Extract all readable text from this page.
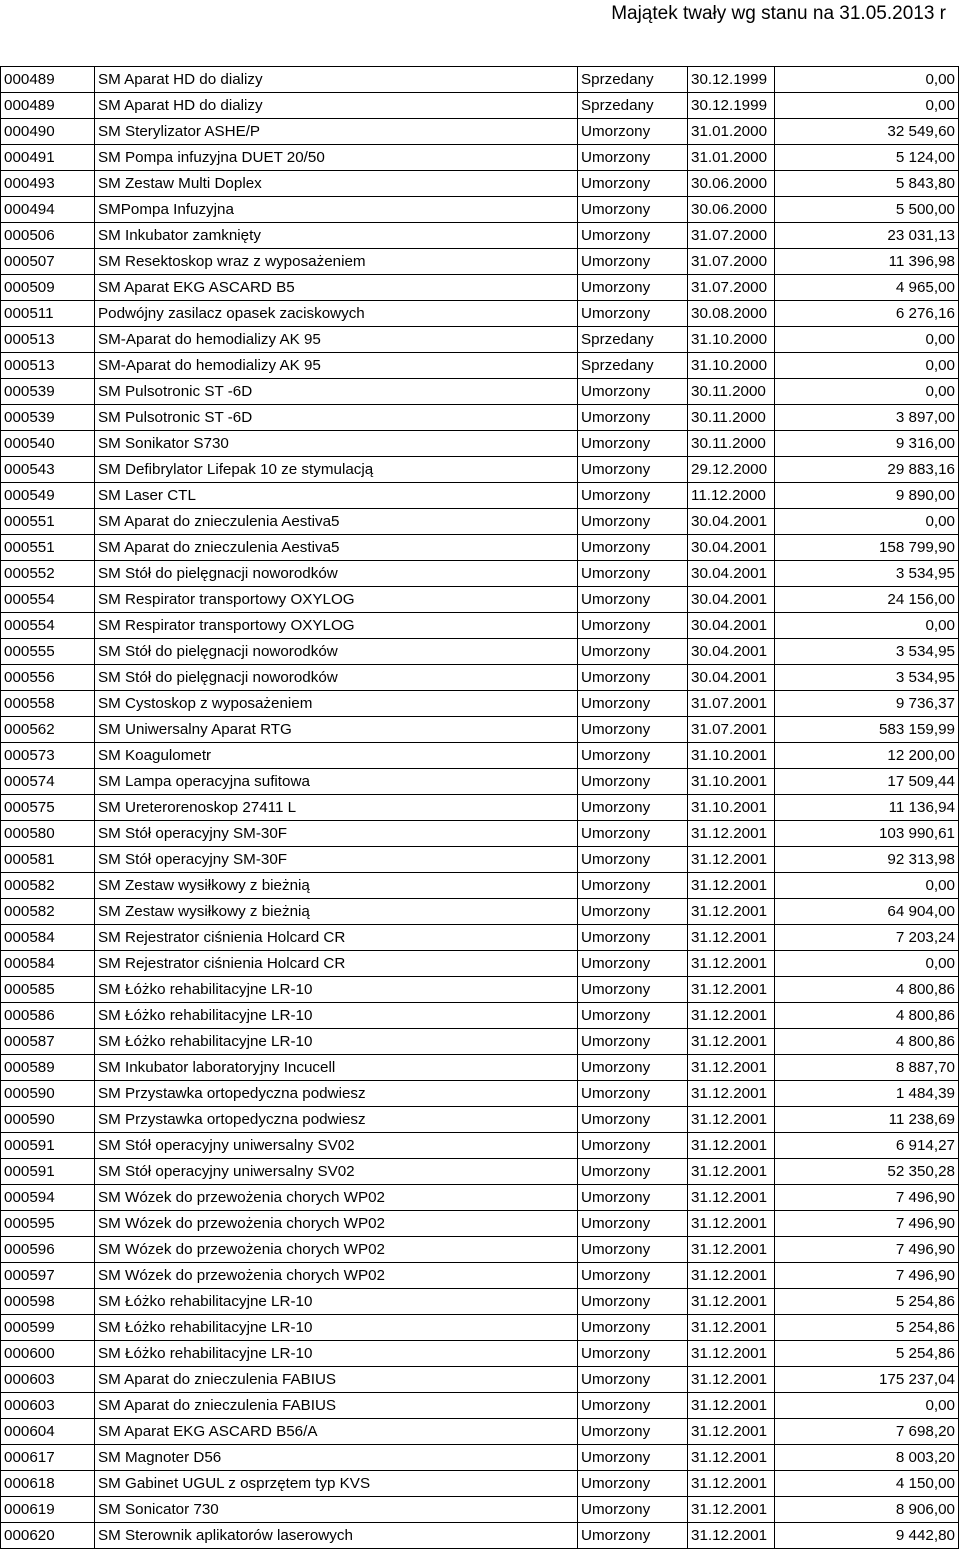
Majątek twały wg stanu na 31.05.2013 r
000489	SM Aparat HD do dializy	Sprzedany	30.12.1999	0,00
000489	SM Aparat HD do dializy	Sprzedany	30.12.1999	0,00
000490	SM Sterylizator ASHE/P	Umorzony	31.01.2000	32 549,60
000491	SM Pompa infuzyjna DUET 20/50	Umorzony	31.01.2000	5 124,00
000493	SM Zestaw Multi Doplex	Umorzony	30.06.2000	5 843,80
000494	SMPompa Infuzyjna	Umorzony	30.06.2000	5 500,00
000506	SM Inkubator zamknięty	Umorzony	31.07.2000	23 031,13
000507	SM Resektoskop wraz z wyposażeniem	Umorzony	31.07.2000	11 396,98
000509	SM Aparat EKG ASCARD B5	Umorzony	31.07.2000	4 965,00
000511	Podwójny zasilacz opasek zaciskowych	Umorzony	30.08.2000	6 276,16
000513	SM-Aparat do hemodializy AK 95	Sprzedany	31.10.2000	0,00
000513	SM-Aparat do hemodializy AK 95	Sprzedany	31.10.2000	0,00
000539	SM Pulsotronic ST -6D	Umorzony	30.11.2000	0,00
000539	SM Pulsotronic ST -6D	Umorzony	30.11.2000	3 897,00
000540	SM Sonikator S730	Umorzony	30.11.2000	9 316,00
000543	SM Defibrylator Lifepak 10 ze stymulacją	Umorzony	29.12.2000	29 883,16
000549	SM Laser CTL	Umorzony	11.12.2000	9 890,00
000551	SM Aparat do znieczulenia Aestiva5	Umorzony	30.04.2001	0,00
000551	SM Aparat do znieczulenia Aestiva5	Umorzony	30.04.2001	158 799,90
000552	SM Stół do pielęgnacji noworodków	Umorzony	30.04.2001	3 534,95
000554	SM Respirator transportowy OXYLOG	Umorzony	30.04.2001	24 156,00
000554	SM Respirator transportowy OXYLOG	Umorzony	30.04.2001	0,00
000555	SM Stół do pielęgnacji noworodków	Umorzony	30.04.2001	3 534,95
000556	SM Stół do pielęgnacji noworodków	Umorzony	30.04.2001	3 534,95
000558	SM Cystoskop z wyposażeniem	Umorzony	31.07.2001	9 736,37
000562	SM Uniwersalny Aparat RTG	Umorzony	31.07.2001	583 159,99
000573	SM Koagulometr	Umorzony	31.10.2001	12 200,00
000574	SM Lampa operacyjna sufitowa	Umorzony	31.10.2001	17 509,44
000575	SM Ureterorenoskop 27411 L	Umorzony	31.10.2001	11 136,94
000580	SM Stół operacyjny SM-30F	Umorzony	31.12.2001	103 990,61
000581	SM Stół operacyjny SM-30F	Umorzony	31.12.2001	92 313,98
000582	SM Zestaw wysiłkowy z bieżnią	Umorzony	31.12.2001	0,00
000582	SM Zestaw wysiłkowy z bieżnią	Umorzony	31.12.2001	64 904,00
000584	SM Rejestrator ciśnienia Holcard CR	Umorzony	31.12.2001	7 203,24
000584	SM Rejestrator ciśnienia Holcard CR	Umorzony	31.12.2001	0,00
000585	SM Łóżko rehabilitacyjne LR-10	Umorzony	31.12.2001	4 800,86
000586	SM Łóżko rehabilitacyjne LR-10	Umorzony	31.12.2001	4 800,86
000587	SM Łóżko rehabilitacyjne LR-10	Umorzony	31.12.2001	4 800,86
000589	SM Inkubator laboratoryjny Incucell	Umorzony	31.12.2001	8 887,70
000590	SM Przystawka ortopedyczna podwiesz	Umorzony	31.12.2001	1 484,39
000590	SM Przystawka ortopedyczna podwiesz	Umorzony	31.12.2001	11 238,69
000591	SM Stół operacyjny uniwersalny SV02	Umorzony	31.12.2001	6 914,27
000591	SM Stół operacyjny uniwersalny SV02	Umorzony	31.12.2001	52 350,28
000594	SM Wózek do przewożenia chorych WP02	Umorzony	31.12.2001	7 496,90
000595	SM Wózek do przewożenia chorych WP02	Umorzony	31.12.2001	7 496,90
000596	SM Wózek do przewożenia chorych WP02	Umorzony	31.12.2001	7 496,90
000597	SM Wózek do przewożenia chorych WP02	Umorzony	31.12.2001	7 496,90
000598	SM Łóżko rehabilitacyjne LR-10	Umorzony	31.12.2001	5 254,86
000599	SM Łóżko rehabilitacyjne LR-10	Umorzony	31.12.2001	5 254,86
000600	SM Łóżko rehabilitacyjne LR-10	Umorzony	31.12.2001	5 254,86
000603	SM Aparat do znieczulenia FABIUS	Umorzony	31.12.2001	175 237,04
000603	SM Aparat do znieczulenia FABIUS	Umorzony	31.12.2001	0,00
000604	SM Aparat EKG ASCARD B56/A	Umorzony	31.12.2001	7 698,20
000617	SM Magnoter D56	Umorzony	31.12.2001	8 003,20
000618	SM Gabinet UGUL z osprzętem typ KVS	Umorzony	31.12.2001	4 150,00
000619	SM Sonicator 730	Umorzony	31.12.2001	8 906,00
000620	SM Sterownik aplikatorów laserowych	Umorzony	31.12.2001	9 442,80
